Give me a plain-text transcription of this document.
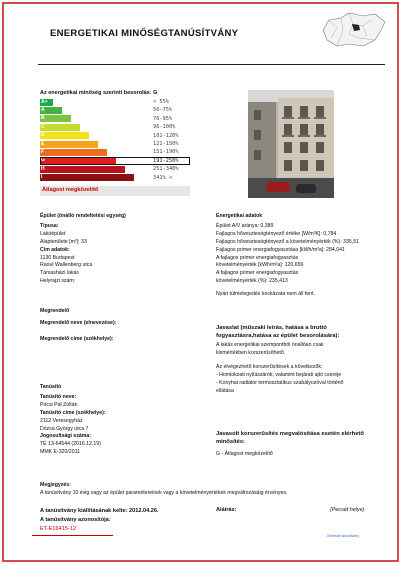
ENERGETIKAI MINŐSÉGTANÚSÍTVÁNY
Az energetikai minőség szerinti besorolás: G
A+	< 55%
A	56-75%
B	76-95%
C	96-100%
D	101-120%
E	121-150%
F	151-190%
G	191-250%
H	251-340%
I	341% <
Átlagost megközelítő
Épület (önálló rendeltetési egység)
Típusa:
Lakóépület
Alapterülete [m²]: 33
Cím adatok:
1136 Budapest
Raoul Wallenberg utca
Társasházi lakás
Helyrajzi szám:
Megrendelő
Megrendelő neve (elnevezése):
Megrendelő címe (székhelye):
Tanúsító
Tanúsító neve:
Pócsi Pál Zoltán
Tanúsító címe (székhelye):
2112 Veresegyház
Dózsa György utca 7
Jogosultsági száma:
TÉ 13-64544 (2016.12.19)
MMK E-320/2011
Energetikai adatok
Épület A/V aránya: 0,389
Fajlagos hőveszteségtényező értéke [W/m³K]: 0,784
Fajlagos hőveszteségtényező a követelményérték (%): 335,51
Fajlagos primer energiafogyasztása [kWh/m²a]: 284,041
A fajlagos primer energiafogyasztás
követelményérték [kWh/m²a]: 120,656
A fajlagos primer energiafogyasztás
követelményérték (%): 235,413
Nyári túlmelegedés kockázata nem áll fent.
Javaslat (műszaki leírás, hatása a bruttó fogyasztásra,hatása az épület besorolására):
A lakás energetikai szempontból önállóan csak
kismértékben korszerűsíthető.
Az elvégezhető korszerűsítések a következők:
- Homlokzati nyílászárók, valamint bejárati ajtó cseréje
- Konyhai radiátor termosztatikus szabályozóval történő
ellátása
Javasolt korszerűsítés megvalósítása esetén elérhető minősítés:
G - Átlagost megközelítő
Megjegyzés:
A tanúsítvány 10 évig vagy az épület paramétereinek vagy a követelményértékek megváltozásáig érvényes.
A tanúsítvány kiállításának kelte: 2012.04.26.
A tanúsítvány azonosítója:
ET-E16415-12
Aláírás:	(Pecsét helye)
Generált tanúsítvány
